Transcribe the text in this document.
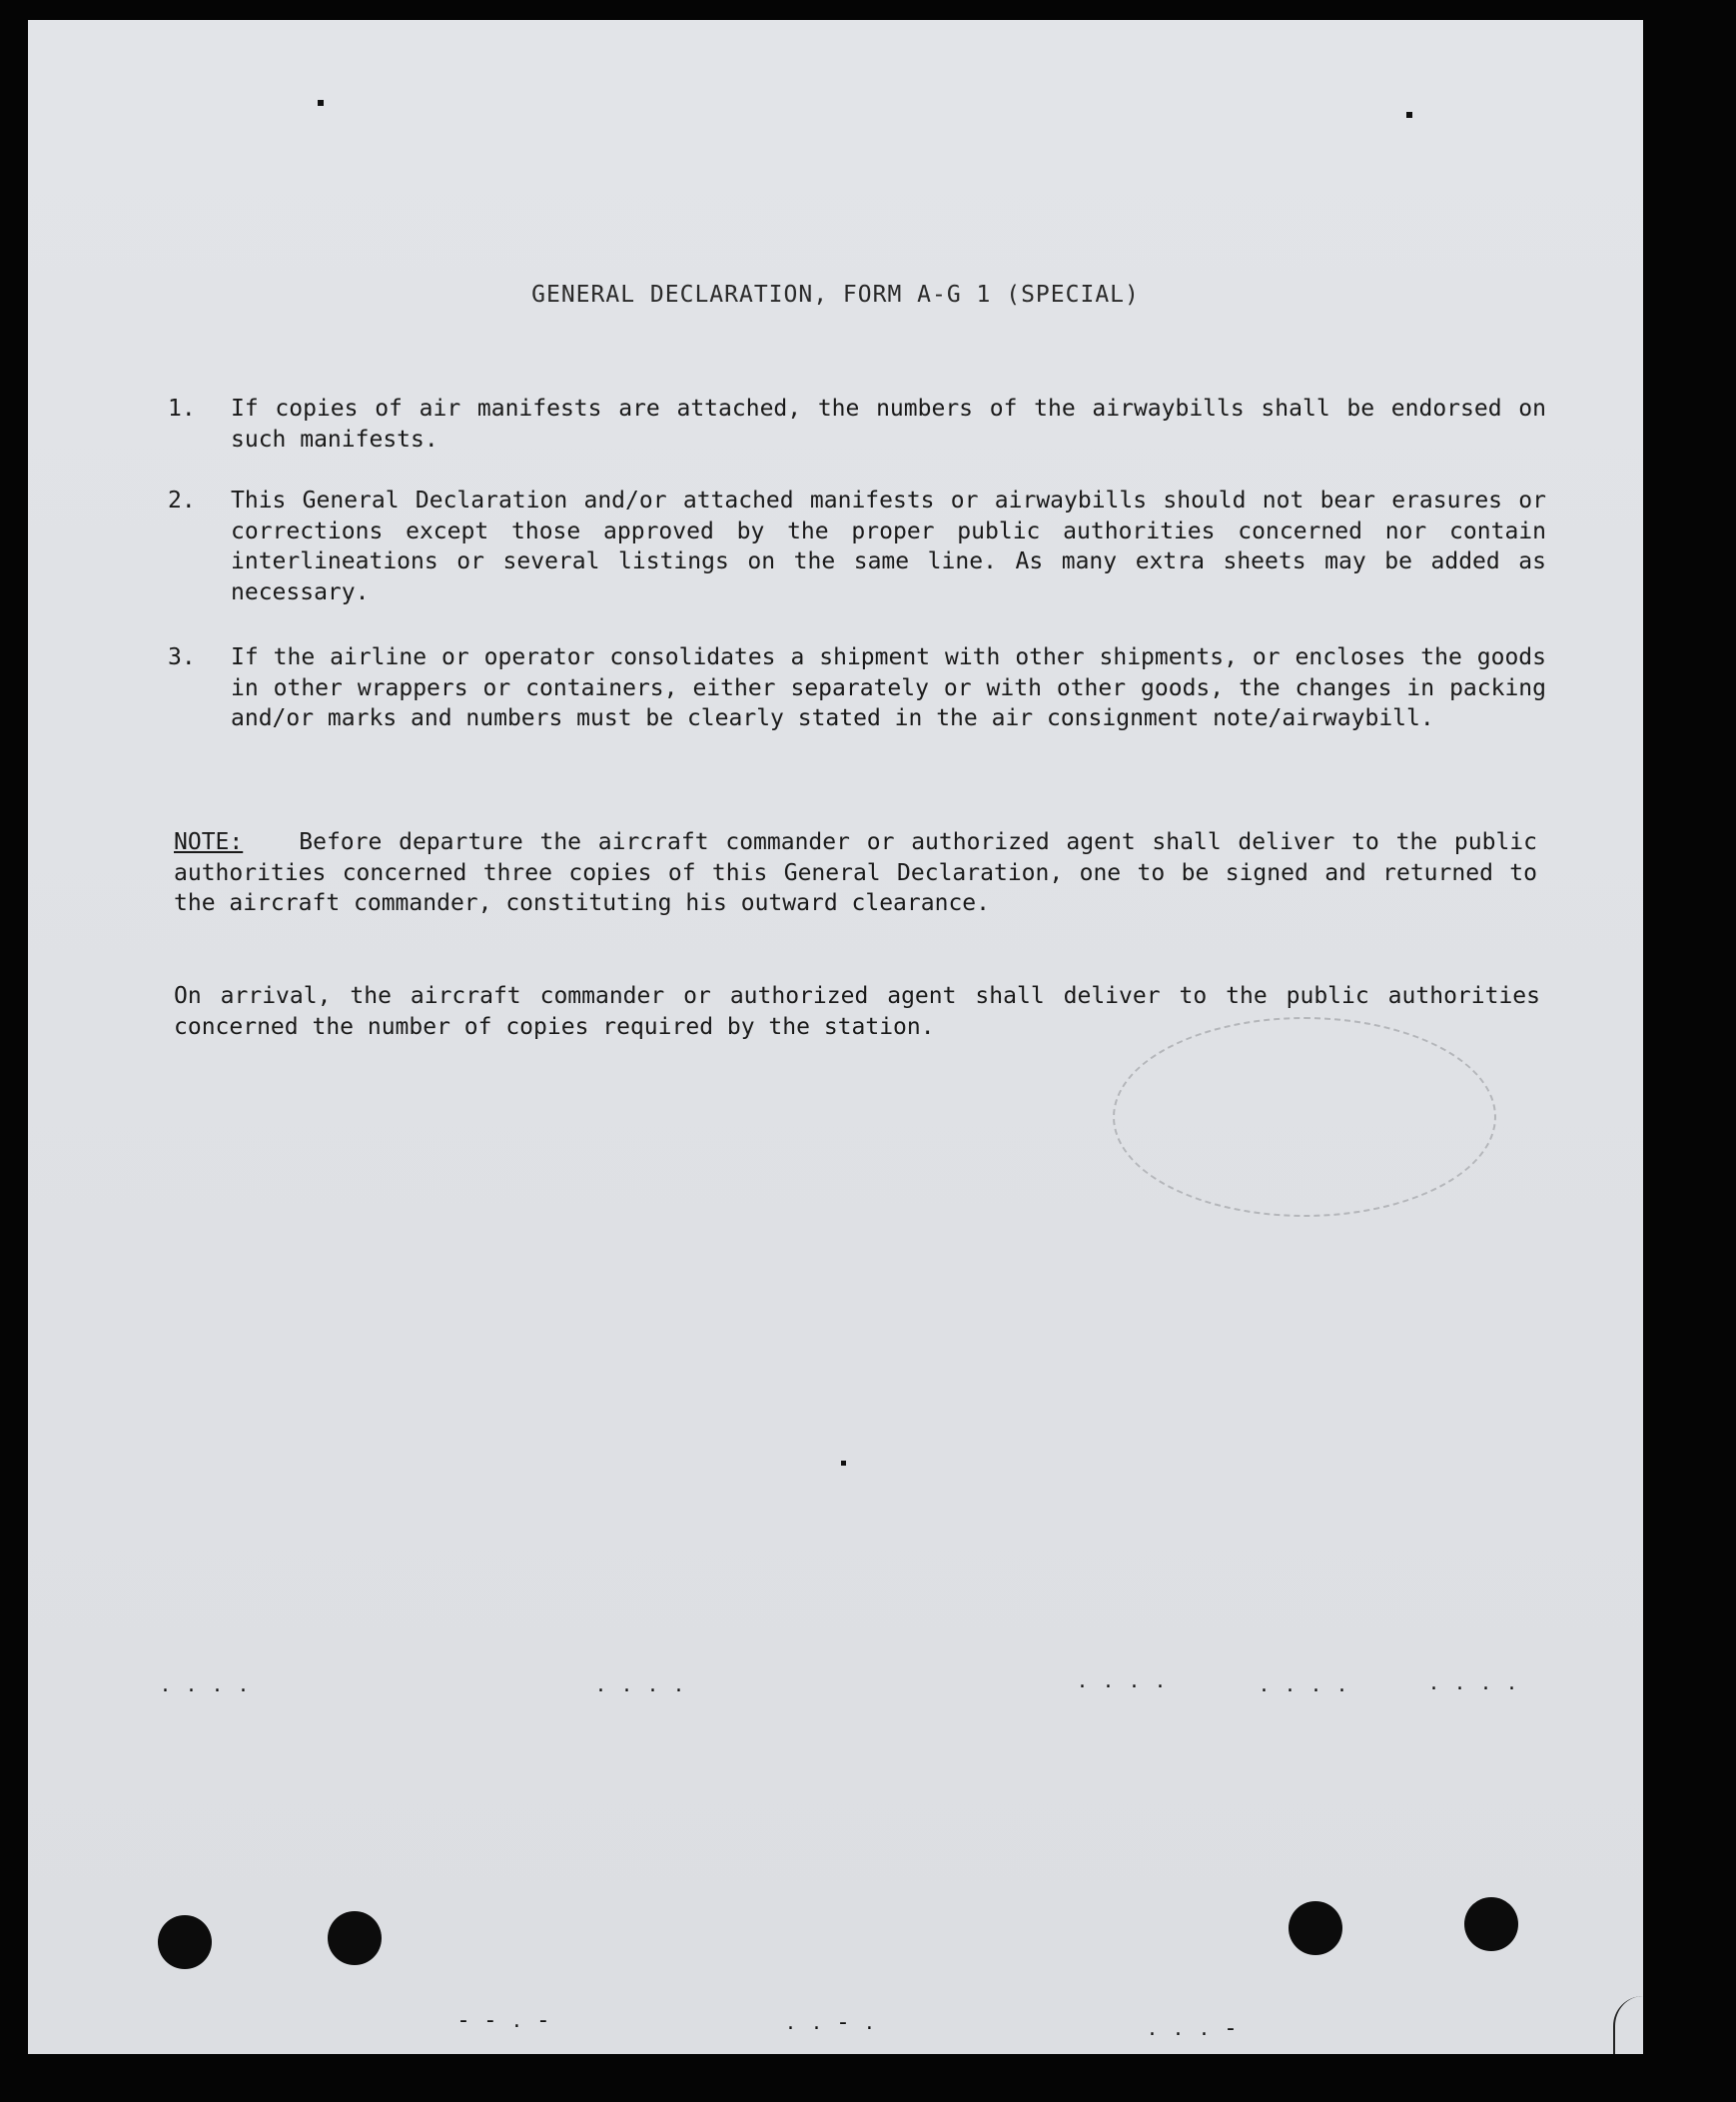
GENERAL DECLARATION, FORM A-G 1 (SPECIAL)
1. If copies of air manifests are attached, the numbers of the airwaybills shall be endorsed on such manifests.
2. This General Declaration and/or attached manifests or airwaybills should not bear erasures or corrections except those approved by the proper public authorities concerned nor contain interlineations or several listings on the same line. As many extra sheets may be added as necessary.
3. If the airline or operator consolidates a shipment with other shipments, or encloses the goods in other wrappers or containers, either separately or with other goods, the changes in packing and/or marks and numbers must be clearly stated in the air consignment note/airwaybill.
NOTE: Before departure the aircraft commander or authorized agent shall deliver to the public authorities concerned three copies of this General Declaration, one to be signed and returned to the aircraft commander, constituting his outward clearance.
On arrival, the aircraft commander or authorized agent shall deliver to the public authorities concerned the number of copies required by the station.
. . . .	. . . .	. . . .	. . . .	. . . .
- - . -	. . - .	. . . -
